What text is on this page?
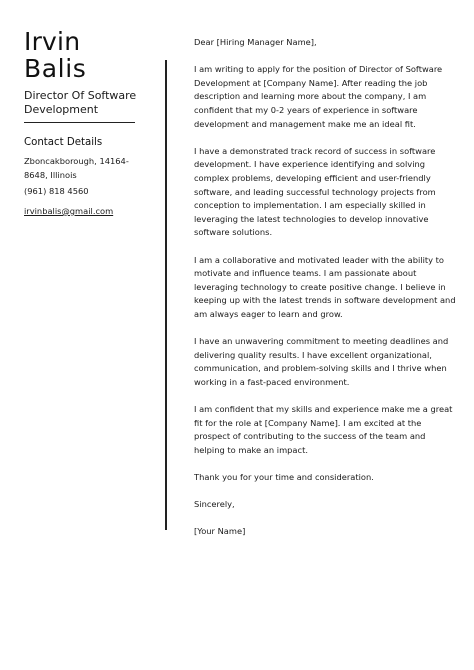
Irvin
Balis
Director Of Software
Development
Contact Details
Zboncakborough, 14164-
8648, Illinois
(961) 818 4560
irvinbalis@gmail.com

Dear [Hiring Manager Name],

I am writing to apply for the position of Director of Software
Development at [Company Name]. After reading the job
description and learning more about the company, I am
confident that my 0-2 years of experience in software
development and management make me an ideal fit.

I have a demonstrated track record of success in software
development. I have experience identifying and solving
complex problems, developing efficient and user-friendly
software, and leading successful technology projects from
conception to implementation. I am especially skilled in
leveraging the latest technologies to develop innovative
software solutions.

I am a collaborative and motivated leader with the ability to
motivate and influence teams. I am passionate about
leveraging technology to create positive change. I believe in
keeping up with the latest trends in software development and
am always eager to learn and grow.

I have an unwavering commitment to meeting deadlines and
delivering quality results. I have excellent organizational,
communication, and problem-solving skills and I thrive when
working in a fast-paced environment.

I am confident that my skills and experience make me a great
fit for the role at [Company Name]. I am excited at the
prospect of contributing to the success of the team and
helping to make an impact.

Thank you for your time and consideration.

Sincerely,

[Your Name]
